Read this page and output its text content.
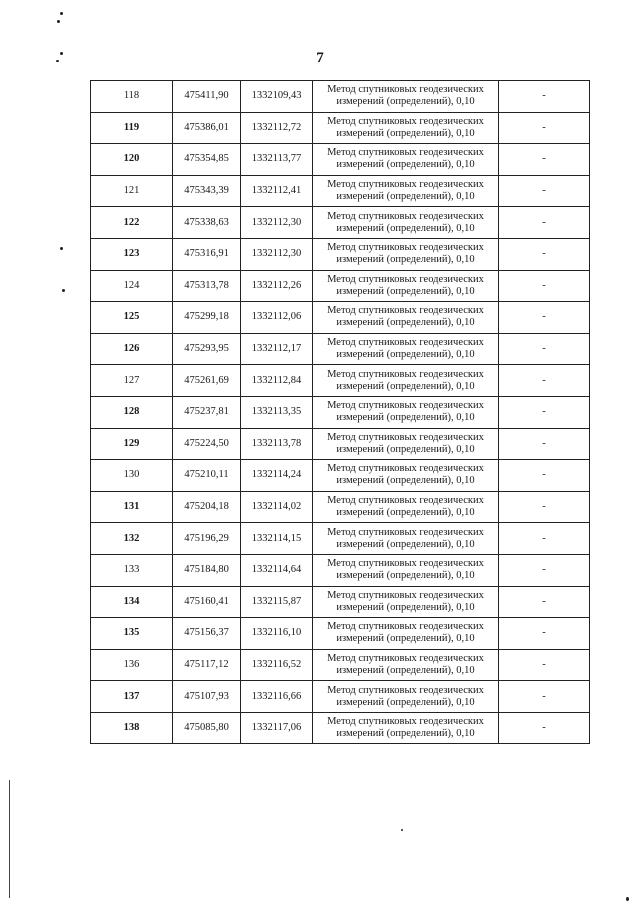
7
118	475411,90	1332109,43	Метод спутниковых геодезических
измерений (определений), 0,10	-
119	475386,01	1332112,72	Метод спутниковых геодезических
измерений (определений), 0,10	-
120	475354,85	1332113,77	Метод спутниковых геодезических
измерений (определений), 0,10	-
121	475343,39	1332112,41	Метод спутниковых геодезических
измерений (определений), 0,10	-
122	475338,63	1332112,30	Метод спутниковых геодезических
измерений (определений), 0,10	-
123	475316,91	1332112,30	Метод спутниковых геодезических
измерений (определений), 0,10	-
124	475313,78	1332112,26	Метод спутниковых геодезических
измерений (определений), 0,10	-
125	475299,18	1332112,06	Метод спутниковых геодезических
измерений (определений), 0,10	-
126	475293,95	1332112,17	Метод спутниковых геодезических
измерений (определений), 0,10	-
127	475261,69	1332112,84	Метод спутниковых геодезических
измерений (определений), 0,10	-
128	475237,81	1332113,35	Метод спутниковых геодезических
измерений (определений), 0,10	-
129	475224,50	1332113,78	Метод спутниковых геодезических
измерений (определений), 0,10	-
130	475210,11	1332114,24	Метод спутниковых геодезических
измерений (определений), 0,10	-
131	475204,18	1332114,02	Метод спутниковых геодезических
измерений (определений), 0,10	-
132	475196,29	1332114,15	Метод спутниковых геодезических
измерений (определений), 0,10	-
133	475184,80	1332114,64	Метод спутниковых геодезических
измерений (определений), 0,10	-
134	475160,41	1332115,87	Метод спутниковых геодезических
измерений (определений), 0,10	-
135	475156,37	1332116,10	Метод спутниковых геодезических
измерений (определений), 0,10	-
136	475117,12	1332116,52	Метод спутниковых геодезических
измерений (определений), 0,10	-
137	475107,93	1332116,66	Метод спутниковых геодезических
измерений (определений), 0,10	-
138	475085,80	1332117,06	Метод спутниковых геодезических
измерений (определений), 0,10	-
